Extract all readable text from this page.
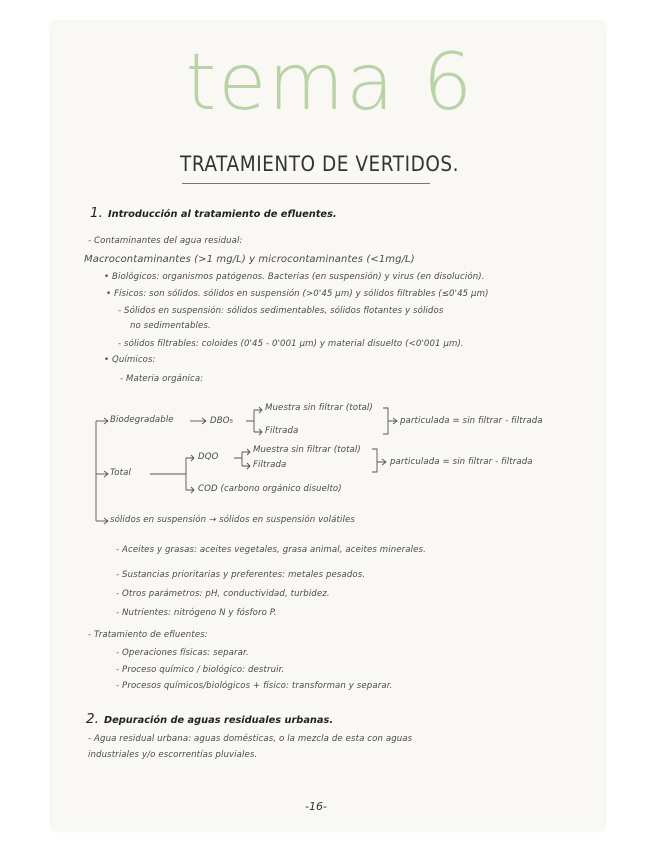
tema 6
TRATAMIENTO DE VERTIDOS.
1. Introducción al tratamiento de efluentes.
- Contaminantes del agua residual:
Macrocontaminantes (>1 mg/L) y microcontaminantes (<1mg/L)
• Biológicos: organismos patógenos. Bacterias (en suspensión) y virus (en disolución).
• Físicos: son sólidos. sólidos en suspensión (>0'45 µm) y sólidos filtrables (≤0'45 µm)
- Sólidos en suspensión: sólidos sedimentables, sólidos flotantes y sólidos
no sedimentables.
- sólidos filtrables: coloides (0'45 - 0'001 µm) y material disuelto (<0'001 µm).
• Químicos:
- Materia orgánica:
Biodegradable	DBO₅
Muestra sin filtrar (total)
Filtrada
particulada = sin filtrar - filtrada
Total
DQO
Muestra sin filtrar (total)
Filtrada	particulada = sin filtrar - filtrada
COD (carbono orgánico disuelto)
sólidos en suspensión → sólidos en suspensión volátiles
- Aceites y grasas: aceites vegetales, grasa animal, aceites minerales.
- Sustancias prioritarias y preferentes: metales pesados.
- Otros parámetros: pH, conductividad, turbidez.
- Nutrientes: nitrógeno N y fósforo P.
- Tratamiento de efluentes:
- Operaciones físicas: separar.
- Proceso químico / biológico: destruir.
- Procesos químicos/biológicos + físico: transforman y separar.
2. Depuración de aguas residuales urbanas.
- Agua residual urbana: aguas domésticas, o la mezcla de esta con aguas
industriales y/o escorrentías pluviales.
-16-
